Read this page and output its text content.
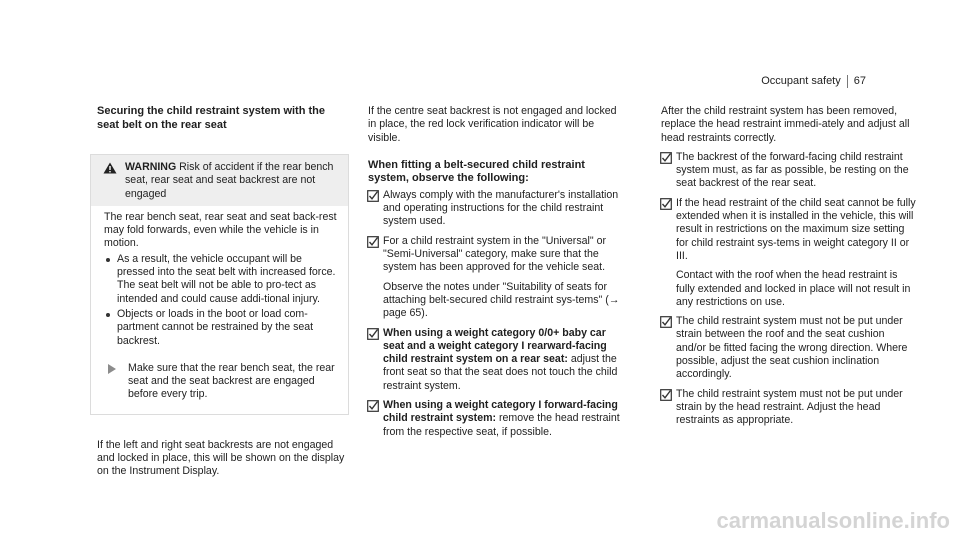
Occupant safety 67
Securing the child restraint system with the seat belt on the rear seat
WARNING Risk of accident if the rear bench seat, rear seat and seat backrest are not engaged

The rear bench seat, rear seat and seat back-rest may fold forwards, even while the vehicle is in motion.

As a result, the vehicle occupant will be pressed into the seat belt with increased force. The seat belt will not be able to pro-tect as intended and could cause addi-tional injury.
Objects or loads in the boot or load com-partment cannot be restrained by the seat backrest.
Make sure that the rear bench seat, the rear seat and the seat backrest are engaged before every trip.

If the left and right seat backrests are not engaged and locked in place, this will be shown on the display on the Instrument Display.

If the centre seat backrest is not engaged and locked in place, the red lock verification indicator will be visible.

When fitting a belt-secured child restraint system, observe the following:
Always comply with the manufacturer's installation and operating instructions for the child restraint system used.
For a child restraint system in the "Universal" or "Semi-Universal" category, make sure that the system has been approved for the vehicle seat.

Observe the notes under "Suitability of seats for attaching belt-secured child restraint sys-tems" (→ page 65).

When using a weight category 0/0+ baby car seat and a weight category I rearward-facing child restraint system on a rear seat: adjust the front seat so that the seat does not touch the child restraint system.
When using a weight category I forward-facing child restraint system: remove the head restraint from the respective seat, if possible.

After the child restraint system has been removed, replace the head restraint immedi-ately and adjust all head restraints correctly.

The backrest of the forward-facing child restraint system must, as far as possible, be resting on the seat backrest of the rear seat.
If the head restraint of the child seat cannot be fully extended when it is installed in the vehicle, this will result in restrictions on the maximum size setting for child restraint sys-tems in weight category II or III.

Contact with the roof when the head restraint is fully extended and locked in place will not result in any restrictions on use.

The child restraint system must not be put under strain between the roof and the seat cushion and/or be fitted facing the wrong direction. Where possible, adjust the seat cushion inclination accordingly.
The child restraint system must not be put under strain by the head restraint. Adjust the head restraints as appropriate.
carmanualsonline.info
